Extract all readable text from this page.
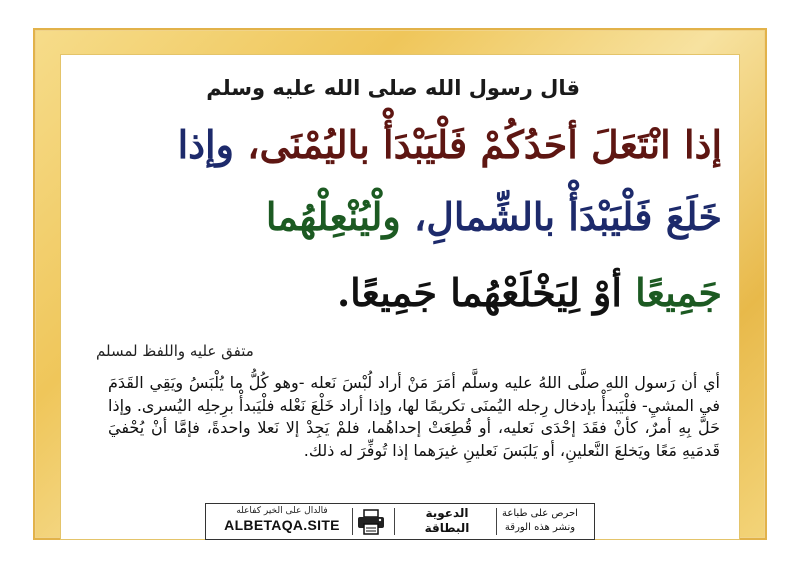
قال رسول الله صلى الله عليه وسلم
إذا انْتَعَلَ أحَدُكُمْ فَلْيَبْدَأْ باليُمْنَى، وإذا
خَلَعَ فَلْيَبْدَأْ بالشِّمالِ، ولْيُنْعِلْهُما
جَمِيعًا أوْ لِيَخْلَعْهُما جَمِيعًا.
متفق عليه واللفظ لمسلم
أي أن رَسول اللهِ صلَّى اللهُ عليه وسلَّم أمَرَ مَنْ أراد لُبْسَ نَعله -وهو كُلُّ ما يُلْبَسُ ويَقِي القَدَمَ في المشيِ- فلْيَبدأْ بإدخال رِجله اليُمنَى تكريمًا لها، وإذا أراد خَلْعَ نَعْله فلْيَبدأْ برِجلِه اليُسرى. وإذا حَلَّ بِهِ أمرٌ، كأنْ فقَدَ إحْدَى نَعليه، أو قُطِعَتْ إحداهُما، فلمْ يَجِدْ إلا نَعلا واحدةً، فإمَّا أنْ يُحْفيَ قَدمَيهِ مَعًا ويَخلعَ النَّعلينِ، أو يَلبَسَ نَعلينِ غيرَهما إذا تُوفِّرَ له ذلك.
فالدال على الخير كفاعله
ALBETAQA.SITE
الدعوية
البطاقة
احرص على طباعة
ونشر هذه الورقة
